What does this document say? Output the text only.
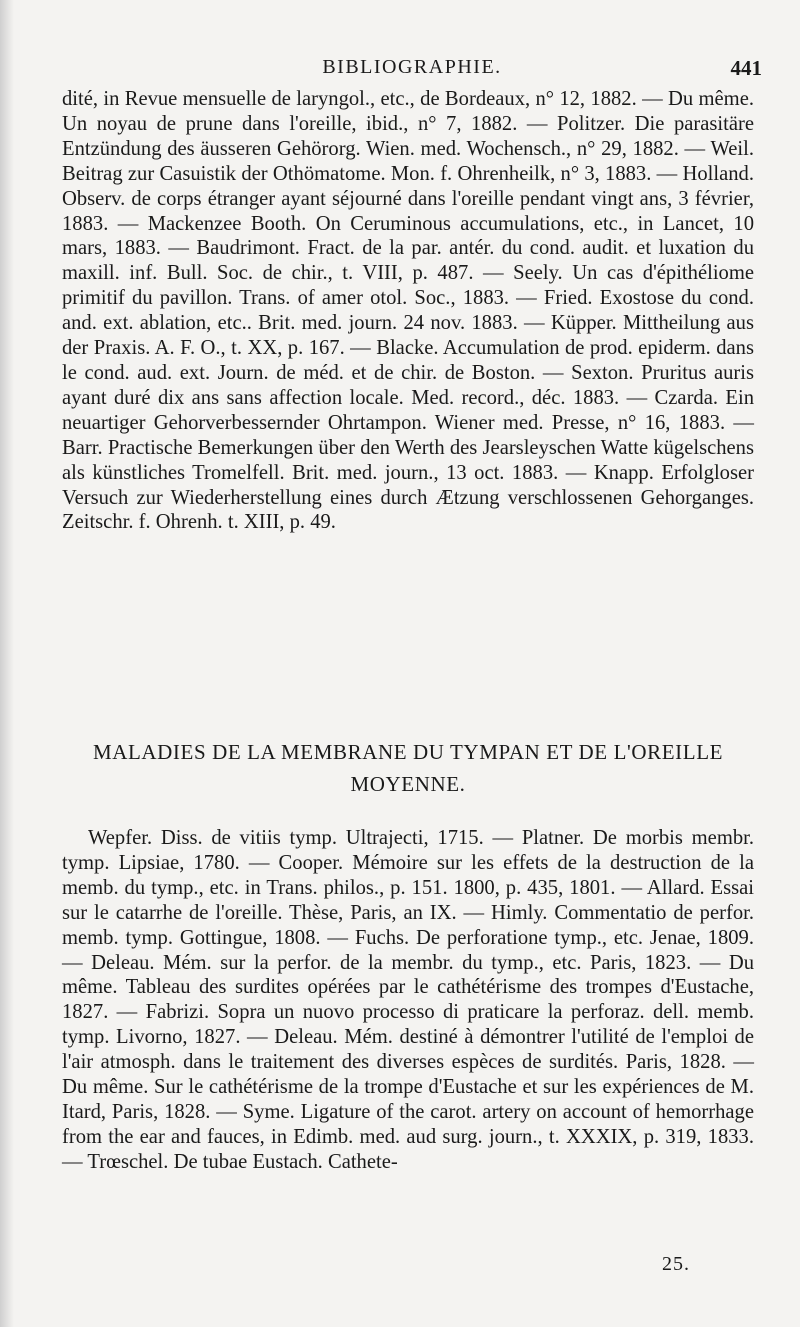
BIBLIOGRAPHIE.	441

dité, in Revue mensuelle de laryngol., etc., de Bordeaux, n° 12, 1882. — Du même. Un noyau de prune dans l'oreille, ibid., n° 7, 1882. — Politzer. Die parasitäre Entzündung des äusseren Gehörorg. Wien. med. Wochensch., n° 29, 1882. — Weil. Beitrag zur Casuistik der Othömatome. Mon. f. Ohrenheilk, n° 3, 1883. — Holland. Observ. de corps étranger ayant séjourné dans l'oreille pendant vingt ans, 3 février, 1883. — Mackenzee Booth. On Ceruminous accumulations, etc., in Lancet, 10 mars, 1883. — Baudrimont. Fract. de la par. antér. du cond. audit. et luxation du maxill. inf. Bull. Soc. de chir., t. VIII, p. 487. — Seely. Un cas d'épithéliome primitif du pavillon. Trans. of amer otol. Soc., 1883. — Fried. Exostose du cond. and. ext. ablation, etc.. Brit. med. journ. 24 nov. 1883. — Küpper. Mittheilung aus der Praxis. A. F. O., t. XX, p. 167. — Blacke. Accumulation de prod. epiderm. dans le cond. aud. ext. Journ. de méd. et de chir. de Boston. — Sexton. Pruritus auris ayant duré dix ans sans affection locale. Med. record., déc. 1883. — Czarda. Ein neuartiger Gehorverbessernder Ohrtampon. Wiener med. Presse, n° 16, 1883. — Barr. Practische Bemerkungen über den Werth des Jearsleyschen Watte kügelschens als künstliches Tromelfell. Brit. med. journ., 13 oct. 1883. — Knapp. Erfolgloser Versuch zur Wiederherstellung eines durch Ætzung verschlossenen Gehorganges. Zeitschr. f. Ohrenh. t. XIII, p. 49.

MALADIES DE LA MEMBRANE DU TYMPAN ET DE L'OREILLE MOYENNE.

Wepfer. Diss. de vitiis tymp. Ultrajecti, 1715. — Platner. De morbis membr. tymp. Lipsiae, 1780. — Cooper. Mémoire sur les effets de la destruction de la memb. du tymp., etc. in Trans. philos., p. 151. 1800, p. 435, 1801. — Allard. Essai sur le catarrhe de l'oreille. Thèse, Paris, an IX. — Himly. Commentatio de perfor. memb. tymp. Gottingue, 1808. — Fuchs. De perforatione tymp., etc. Jenae, 1809. — Deleau. Mém. sur la perfor. de la membr. du tymp., etc. Paris, 1823. — Du même. Tableau des surdites opérées par le cathétérisme des trompes d'Eustache, 1827. — Fabrizi. Sopra un nuovo processo di praticare la perforaz. dell. memb. tymp. Livorno, 1827. — Deleau. Mém. destiné à démontrer l'utilité de l'emploi de l'air atmosph. dans le traitement des diverses espèces de surdités. Paris, 1828. — Du même. Sur le cathétérisme de la trompe d'Eustache et sur les expériences de M. Itard, Paris, 1828. — Syme. Ligature of the carot. artery on account of hemorrhage from the ear and fauces, in Edimb. med. aud surg. journ., t. XXXIX, p. 319, 1833. — Trœschel. De tubae Eustach. Cathete-

25.
